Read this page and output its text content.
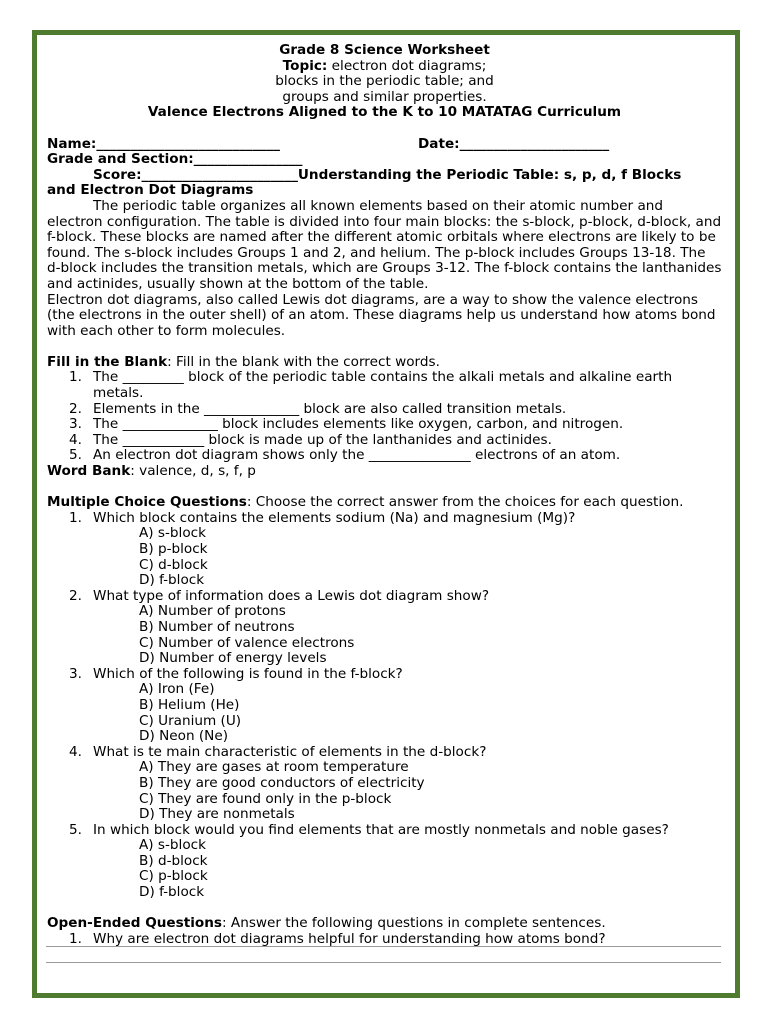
Grade 8 Science Worksheet
Topic: electron dot diagrams;
blocks in the periodic table; and
groups and similar properties.
Valence Electrons Aligned to the K to 10 MATATAG Curriculum
Name:___________________________	Date:______________________
Grade and Section:________________
Score:_______________________Understanding the Periodic Table: s, p, d, f Blocks
and Electron Dot Diagrams
The periodic table organizes all known elements based on their atomic number and electron configuration. The table is divided into four main blocks: the s-block, p-block, d-block, and f-block. These blocks are named after the different atomic orbitals where electrons are likely to be found. The s-block includes Groups 1 and 2, and helium. The p-block includes Groups 13-18. The d-block includes the transition metals, which are Groups 3-12. The f-block contains the lanthanides and actinides, usually shown at the bottom of the table.
Electron dot diagrams, also called Lewis dot diagrams, are a way to show the valence electrons (the electrons in the outer shell) of an atom. These diagrams help us understand how atoms bond with each other to form molecules.
Fill in the Blank: Fill in the blank with the correct words.
1. The _________ block of the periodic table contains the alkali metals and alkaline earth metals.
2. Elements in the ______________ block are also called transition metals.
3. The ______________ block includes elements like oxygen, carbon, and nitrogen.
4. The ____________ block is made up of the lanthanides and actinides.
5. An electron dot diagram shows only the _______________ electrons of an atom.
Word Bank: valence, d, s, f, p
Multiple Choice Questions: Choose the correct answer from the choices for each question.
1. Which block contains the elements sodium (Na) and magnesium (Mg)?
A) s-block
B) p-block
C) d-block
D) f-block
2. What type of information does a Lewis dot diagram show?
A) Number of protons
B) Number of neutrons
C) Number of valence electrons
D) Number of energy levels
3. Which of the following is found in the f-block?
A) Iron (Fe)
B) Helium (He)
C) Uranium (U)
D) Neon (Ne)
4. What is te main characteristic of elements in the d-block?
A) They are gases at room temperature
B) They are good conductors of electricity
C) They are found only in the p-block
D) They are nonmetals
5. In which block would you find elements that are mostly nonmetals and noble gases?
A) s-block
B) d-block
C) p-block
D) f-block
Open-Ended Questions: Answer the following questions in complete sentences.
1. Why are electron dot diagrams helpful for understanding how atoms bond?
